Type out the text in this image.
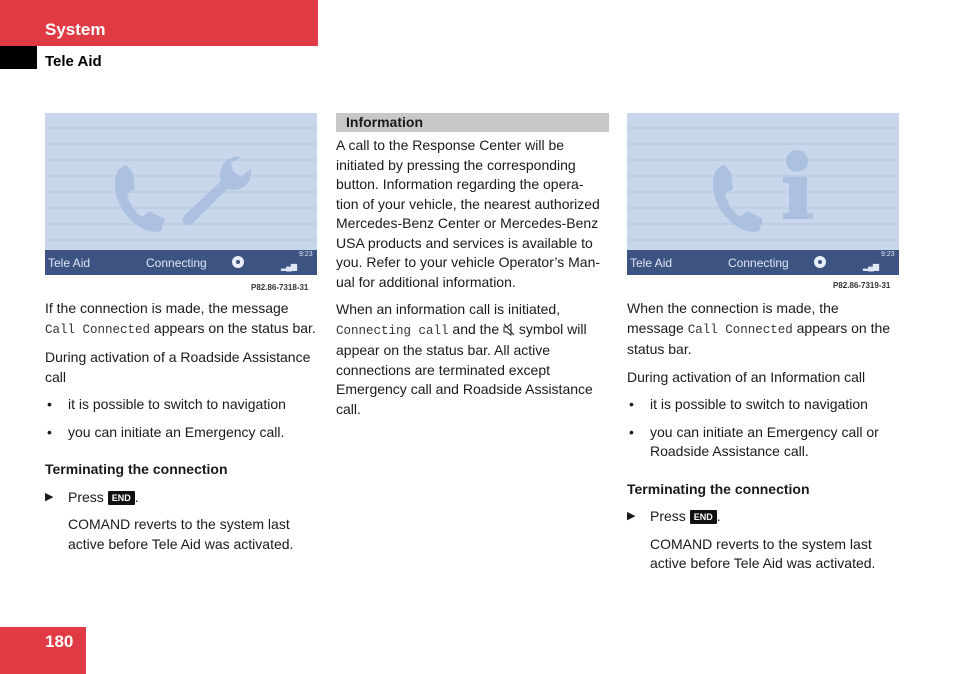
System
Tele Aid
Tele Aid	Connecting
9:23
▂▄▆
P82.86-7318-31

If the connection is made, the message Call Connected appears on the status bar.

During activation of a Roadside Assistance call

• it is possible to switch to navigation
• you can initiate an Emergency call.
Terminating the connection
▶ Press END .
COMAND reverts to the system last active before Tele Aid was activated.
Information

A call to the Response Center will be
initiated by pressing the corresponding
button. Information regarding the opera-
tion of your vehicle, the nearest authorized
Mercedes-Benz Center or Mercedes-Benz
USA products and services is available to
you. Refer to your vehicle Operator’s Man-
ual for additional information.

When an information call is initiated,
Connecting call and the  symbol will
appear on the status bar. All active
connections are terminated except
Emergency call and Roadside Assistance
call.

Tele Aid	Connecting
9:23
▂▄▆
P82.86-7319-31

When the connection is made, the
message Call Connected appears on the
status bar.

During activation of an Information call

• it is possible to switch to navigation
• you can initiate an Emergency call or Roadside Assistance call.
Terminating the connection
▶ Press END .
COMAND reverts to the system last active before Tele Aid was activated.
180
